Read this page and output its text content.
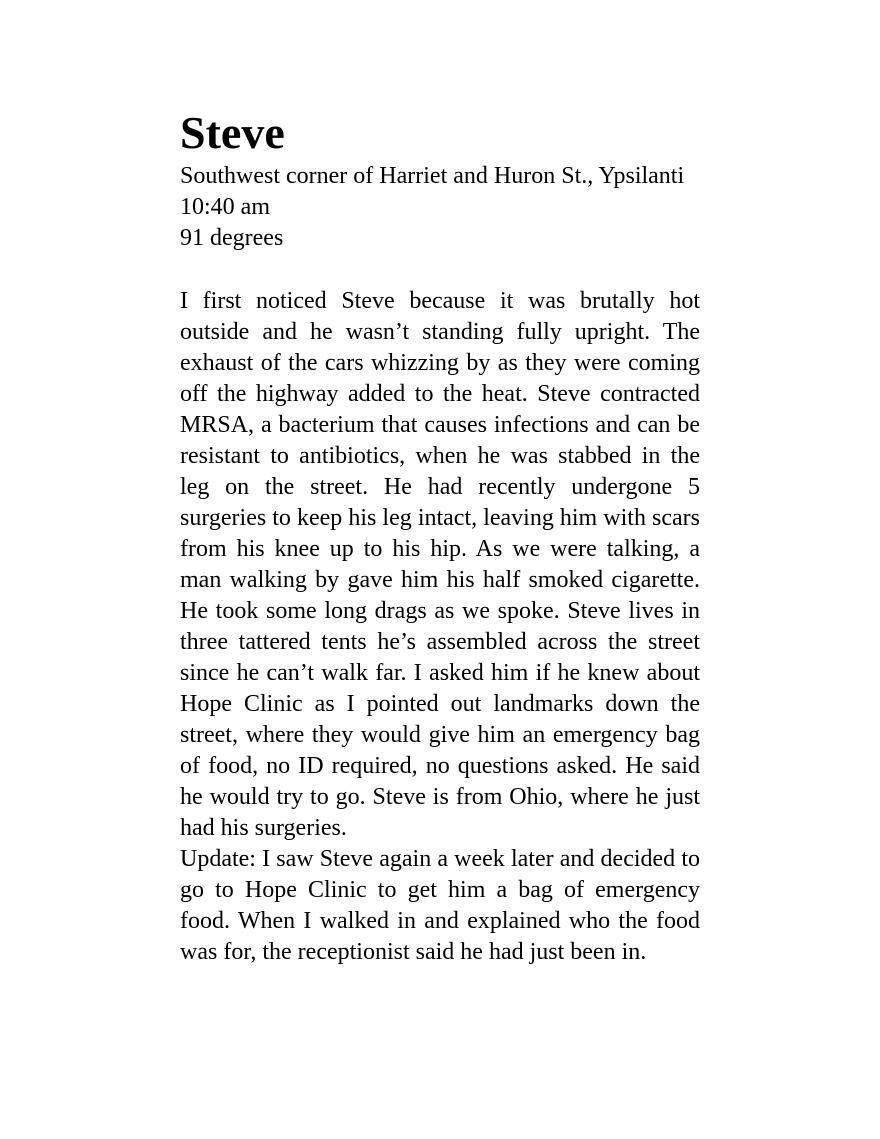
Steve
Southwest corner of Harriet and Huron St., Ypsilanti
10:40 am
91 degrees

I first noticed Steve because it was brutally hot outside and he wasn’t standing fully upright. The exhaust of the cars whizzing by as they were coming off the highway added to the heat. Steve contracted MRSA, a bacterium that causes infections and can be resistant to antibiotics, when he was stabbed in the leg on the street. He had recently undergone 5 surgeries to keep his leg intact, leaving him with scars from his knee up to his hip. As we were talking, a man walking by gave him his half smoked cigarette. He took some long drags as we spoke. Steve lives in three tattered tents he’s assembled across the street since he can’t walk far. I asked him if he knew about Hope Clinic as I pointed out landmarks down the street, where they would give him an emergency bag of food, no ID required, no questions asked. He said he would try to go. Steve is from Ohio, where he just had his surgeries.

Update: I saw Steve again a week later and decided to go to Hope Clinic to get him a bag of emergency food. When I walked in and explained who the food was for, the receptionist said he had just been in.
